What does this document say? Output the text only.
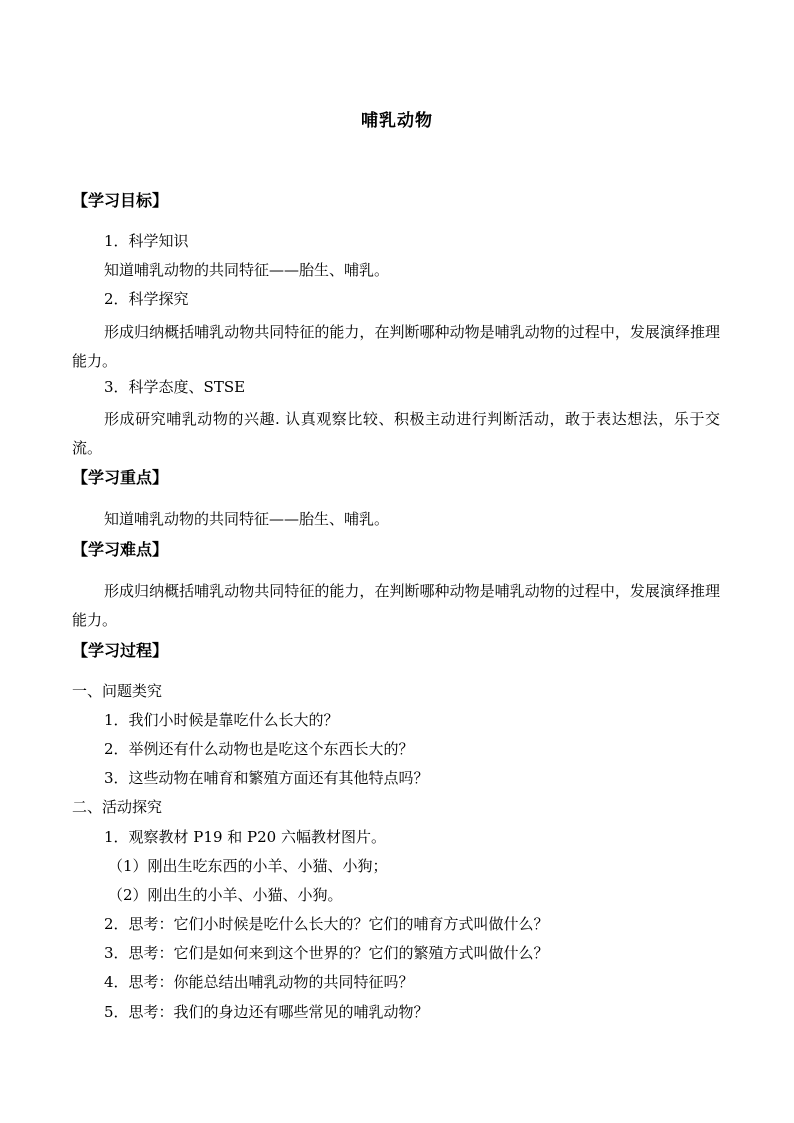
哺乳动物
【学习目标】
1．科学知识
知道哺乳动物的共同特征——胎生、哺乳。
2．科学探究
形成归纳概括哺乳动物共同特征的能力，在判断哪种动物是哺乳动物的过程中，发展演绎推理能力。
3．科学态度、STSE
形成研究哺乳动物的兴趣. 认真观察比较、积极主动进行判断活动，敢于表达想法，乐于交流。
【学习重点】
知道哺乳动物的共同特征——胎生、哺乳。
【学习难点】
形成归纳概括哺乳动物共同特征的能力，在判断哪种动物是哺乳动物的过程中，发展演绎推理能力。
【学习过程】
一、问题类究
1．我们小时候是靠吃什么长大的？
2．举例还有什么动物也是吃这个东西长大的？
3．这些动物在哺育和繁殖方面还有其他特点吗？
二、活动探究
1．观察教材 P19 和 P20 六幅教材图片。
（1）刚出生吃东西的小羊、小猫、小狗；
（2）刚出生的小羊、小猫、小狗。
2．思考：它们小时候是吃什么长大的？它们的哺育方式叫做什么？
3．思考：它们是如何来到这个世界的？它们的繁殖方式叫做什么？
4．思考：你能总结出哺乳动物的共同特征吗？
5．思考：我们的身边还有哪些常见的哺乳动物？
